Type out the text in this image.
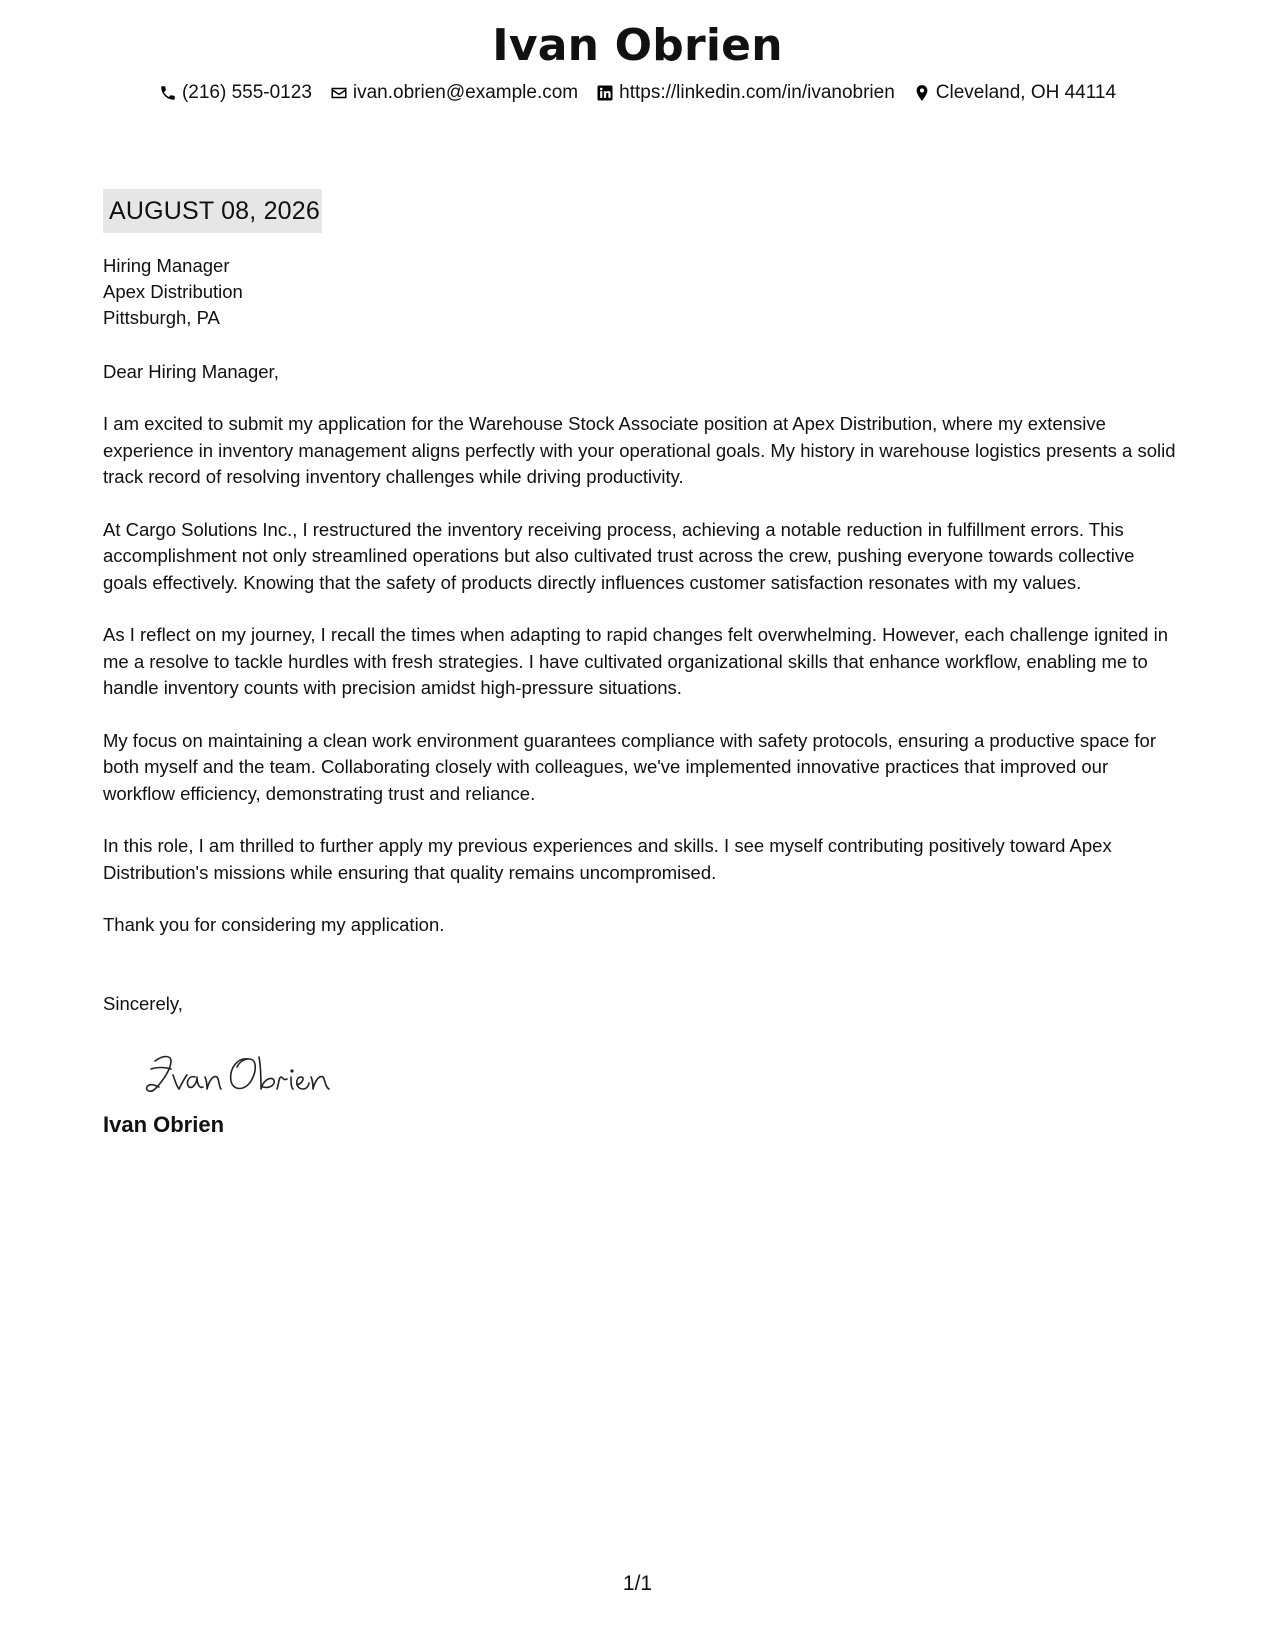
Ivan Obrien
(216) 555-0123 ivan.obrien@example.com https://linkedin.com/in/ivanobrien Cleveland, OH 44114
AUGUST 08, 2026
Hiring Manager
Apex Distribution
Pittsburgh, PA
Dear Hiring Manager,
I am excited to submit my application for the Warehouse Stock Associate position at Apex Distribution, where my extensive experience in inventory management aligns perfectly with your operational goals. My history in warehouse logistics presents a solid track record of resolving inventory challenges while driving productivity.
At Cargo Solutions Inc., I restructured the inventory receiving process, achieving a notable reduction in fulfillment errors. This accomplishment not only streamlined operations but also cultivated trust across the crew, pushing everyone towards collective goals effectively. Knowing that the safety of products directly influences customer satisfaction resonates with my values.
As I reflect on my journey, I recall the times when adapting to rapid changes felt overwhelming. However, each challenge ignited in me a resolve to tackle hurdles with fresh strategies. I have cultivated organizational skills that enhance workflow, enabling me to handle inventory counts with precision amidst high-pressure situations.
My focus on maintaining a clean work environment guarantees compliance with safety protocols, ensuring a productive space for both myself and the team. Collaborating closely with colleagues, we've implemented innovative practices that improved our workflow efficiency, demonstrating trust and reliance.
In this role, I am thrilled to further apply my previous experiences and skills. I see myself contributing positively toward Apex Distribution's missions while ensuring that quality remains uncompromised.
Thank you for considering my application.
Sincerely,
Ivan Obrien
1/1
